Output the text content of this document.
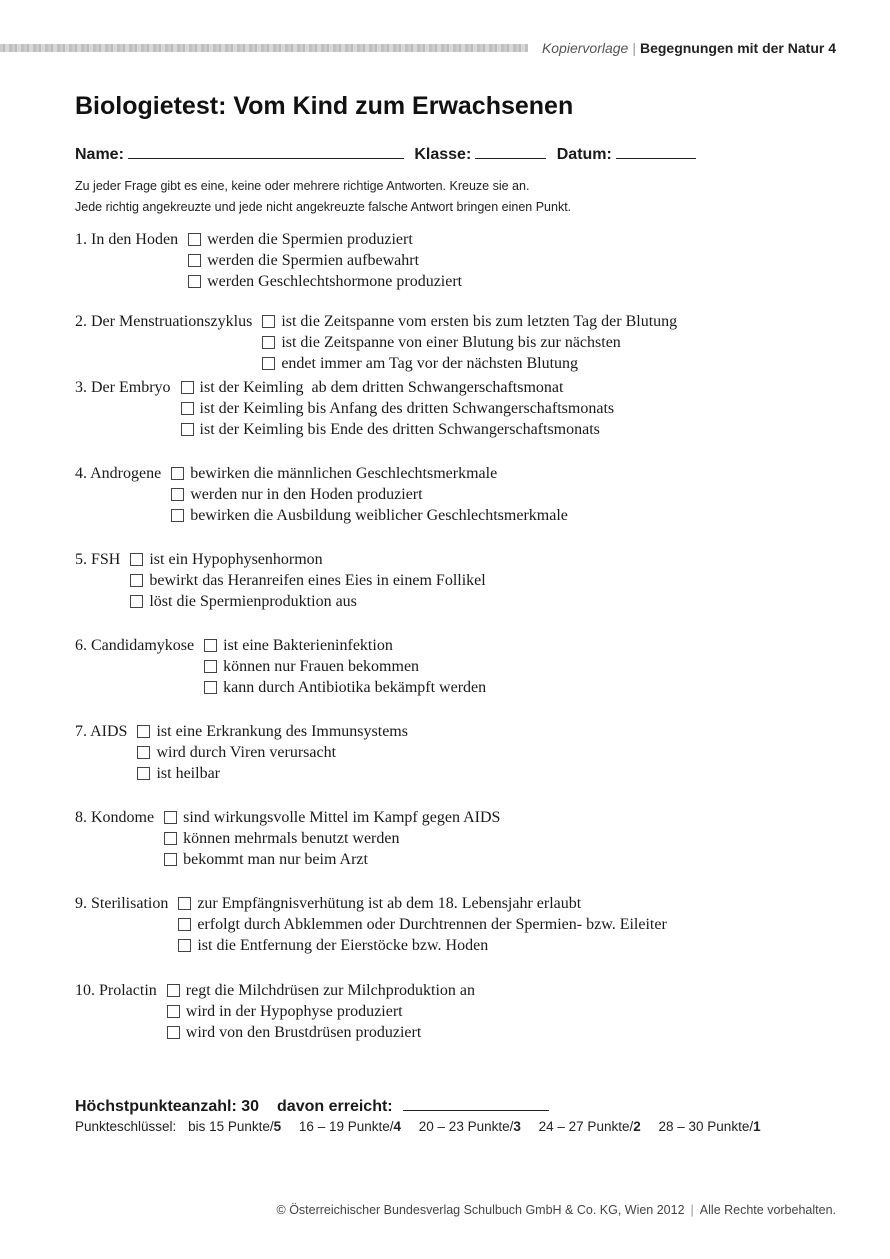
Kopiervorlage | Begegnungen mit der Natur 4
Biologietest: Vom Kind zum Erwachsenen
Name:	Klasse:	Datum:
Zu jeder Frage gibt es eine, keine oder mehrere richtige Antworten. Kreuze sie an.
Jede richtig angekreuzte und jede nicht angekreuzte falsche Antwort bringen einen Punkt.
1. In den Hoden	werden die Spermien produziert
werden die Spermien aufbewahrt
werden Geschlechtshormone produziert
2. Der Menstruationszyklus	ist die Zeitspanne vom ersten bis zum letzten Tag der Blutung
ist die Zeitspanne von einer Blutung bis zur nächsten
endet immer am Tag vor der nächsten Blutung
3. Der Embryo	ist der Keimling  ab dem dritten Schwangerschaftsmonat
ist der Keimling bis Anfang des dritten Schwangerschaftsmonats
ist der Keimling bis Ende des dritten Schwangerschaftsmonats
4. Androgene	bewirken die männlichen Geschlechtsmerkmale
werden nur in den Hoden produziert
bewirken die Ausbildung weiblicher Geschlechtsmerkmale
5. FSH	ist ein Hypophysenhormon
bewirkt das Heranreifen eines Eies in einem Follikel
löst die Spermienproduktion aus
6. Candidamykose	ist eine Bakterieninfektion
können nur Frauen bekommen
kann durch Antibiotika bekämpft werden
7. AIDS	ist eine Erkrankung des Immunsystems
wird durch Viren verursacht
ist heilbar
8. Kondome	sind wirkungsvolle Mittel im Kampf gegen AIDS
können mehrmals benutzt werden
bekommt man nur beim Arzt
9. Sterilisation	zur Empfängnisverhütung ist ab dem 18. Lebensjahr erlaubt
erfolgt durch Abklemmen oder Durchtrennen der Spermien- bzw. Eileiter
ist die Entfernung der Eierstöcke bzw. Hoden
10. Prolactin	regt die Milchdrüsen zur Milchproduktion an
wird in der Hypophyse produziert
wird von den Brustdrüsen produziert
Höchstpunkteanzahl: 30 davon erreicht:
Punkteschlüssel: bis 15 Punkte/5 16 – 19 Punkte/4 20 – 23 Punkte/3 24 – 27 Punkte/2 28 – 30 Punkte/1
© Österreichischer Bundesverlag Schulbuch GmbH & Co. KG, Wien 2012 | Alle Rechte vorbehalten.
